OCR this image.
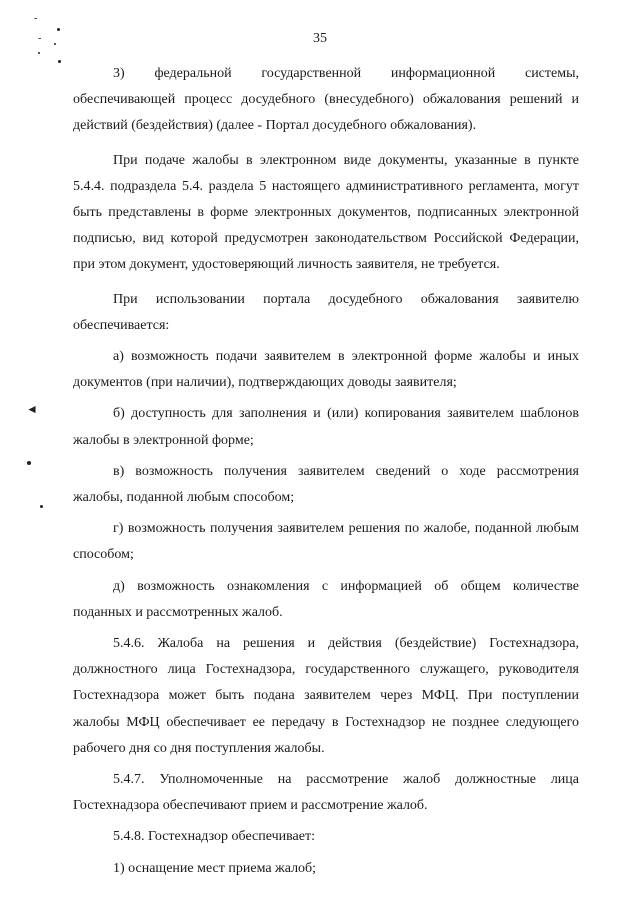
-
-
◄
35

3) федеральной государственной информационной системы, обеспечивающей процесс досудебного (внесудебного) обжалования решений и действий (бездействия) (далее - Портал досудебного обжалования).

При подаче жалобы в электронном виде документы, указанные в пункте 5.4.4. подраздела 5.4. раздела 5 настоящего административного регламента, могут быть представлены в форме электронных документов, подписанных электронной подписью, вид которой предусмотрен законодательством Российской Федерации, при этом документ, удостоверяющий личность заявителя, не требуется.

При использовании портала досудебного обжалования заявителю обеспечивается:

а) возможность подачи заявителем в электронной форме жалобы и иных документов (при наличии), подтверждающих доводы заявителя;

б) доступность для заполнения и (или) копирования заявителем шаблонов жалобы в электронной форме;

в) возможность получения заявителем сведений о ходе рассмотрения жалобы, поданной любым способом;

г) возможность получения заявителем решения по жалобе, поданной любым способом;

д) возможность ознакомления с информацией об общем количестве поданных и рассмотренных жалоб.

5.4.6. Жалоба на решения и действия (бездействие) Гостехнадзора, должностного лица Гостехнадзора, государственного служащего, руководителя Гостехнадзора может быть подана заявителем через МФЦ. При поступлении жалобы МФЦ обеспечивает ее передачу в Гостехнадзор не позднее следующего рабочего дня со дня поступления жалобы.

5.4.7. Уполномоченные на рассмотрение жалоб должностные лица Гостехнадзора обеспечивают прием и рассмотрение жалоб.

5.4.8. Гостехнадзор обеспечивает:

1) оснащение мест приема жалоб;
